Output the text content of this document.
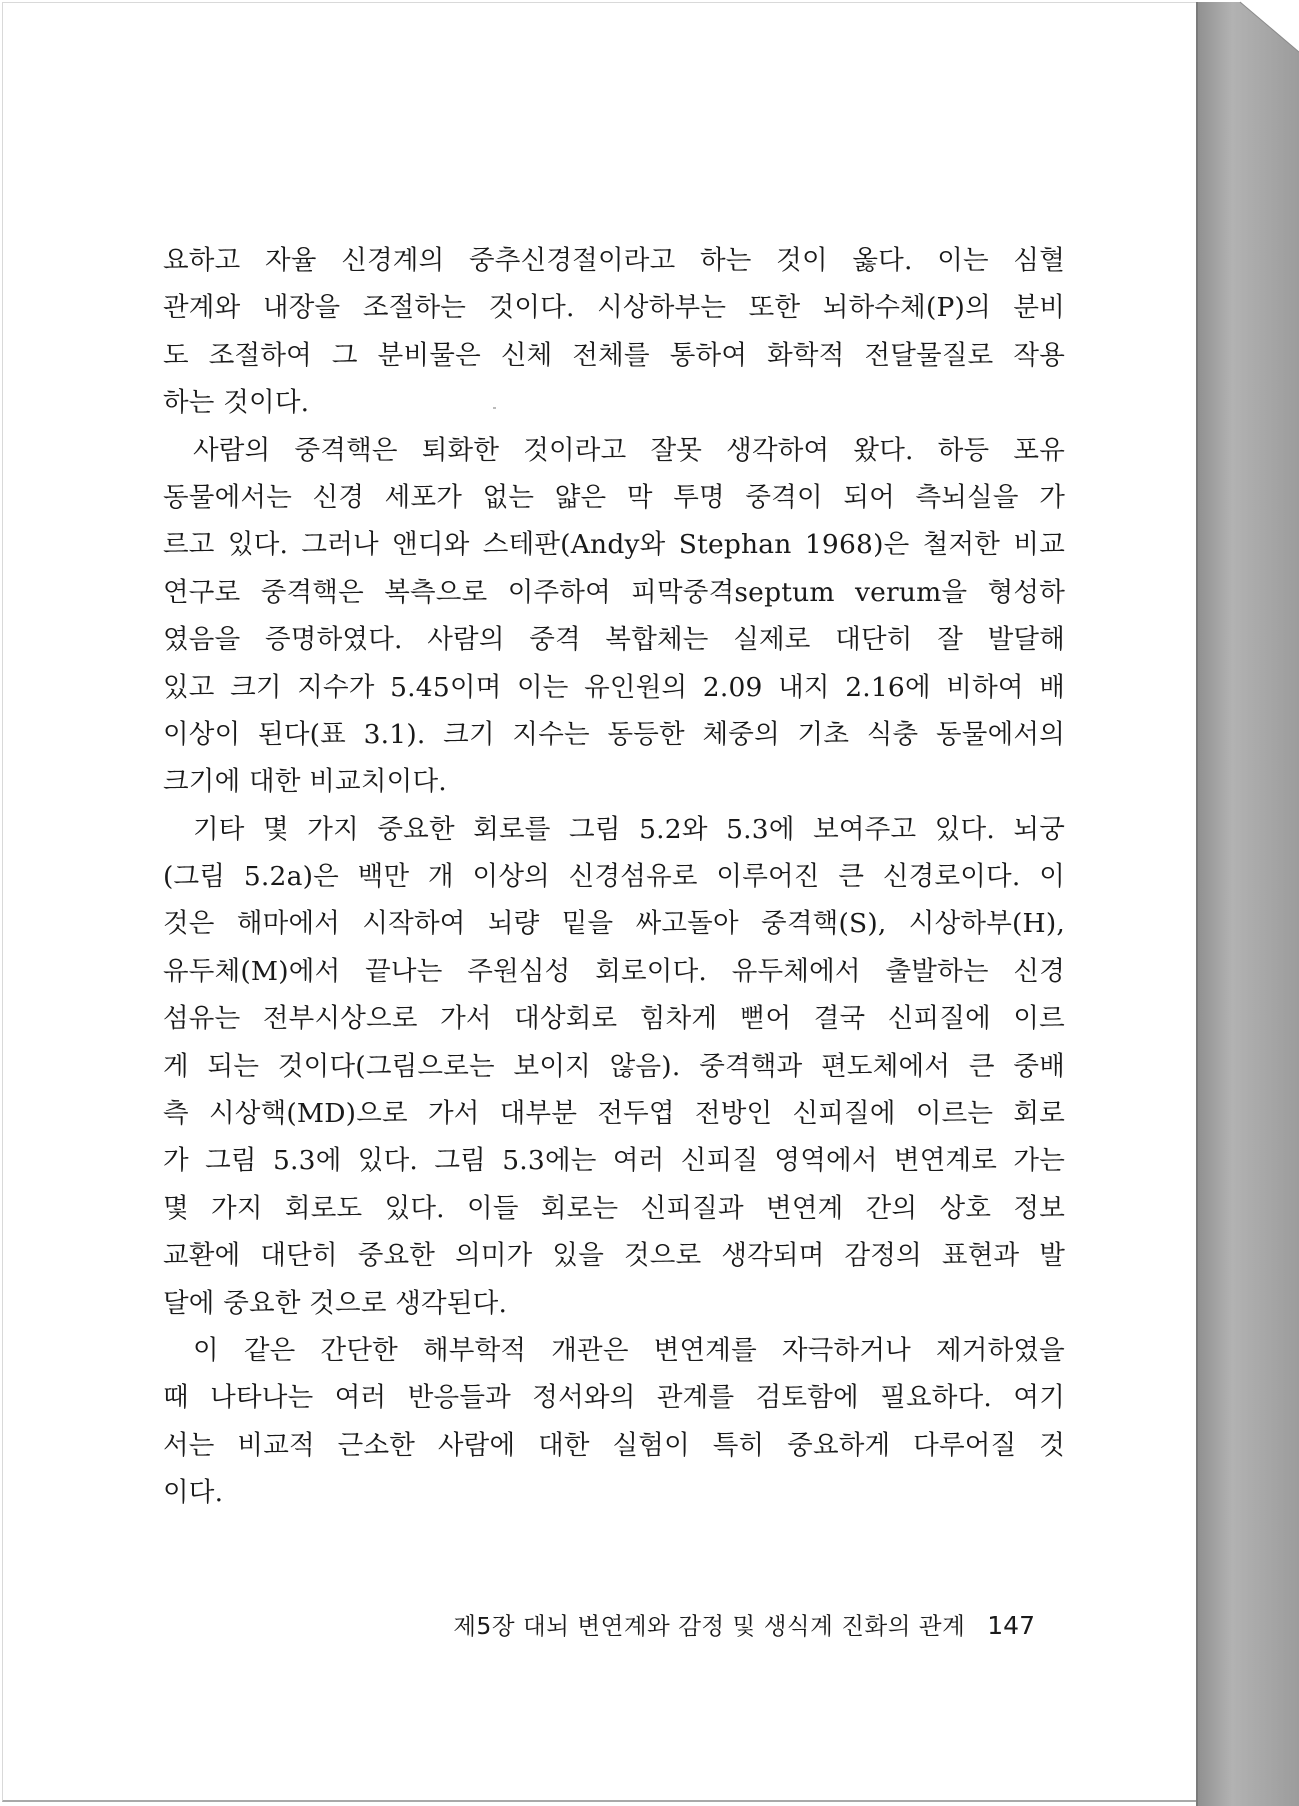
요하고 자율 신경계의 중추신경절이라고 하는 것이 옳다. 이는 심혈
관계와 내장을 조절하는 것이다. 시상하부는 또한 뇌하수체(P)의 분비
도 조절하여 그 분비물은 신체 전체를 통하여 화학적 전달물질로 작용
하는 것이다.
사람의 중격핵은 퇴화한 것이라고 잘못 생각하여 왔다. 하등 포유
동물에서는 신경 세포가 없는 얇은 막 투명 중격이 되어 측뇌실을 가
르고 있다. 그러나 앤디와 스테판(Andy와 Stephan 1968)은 철저한 비교
연구로 중격핵은 복측으로 이주하여 피막중격septum verum을 형성하
였음을 증명하였다. 사람의 중격 복합체는 실제로 대단히 잘 발달해
있고 크기 지수가 5.45이며 이는 유인원의 2.09 내지 2.16에 비하여 배
이상이 된다(표 3.1). 크기 지수는 동등한 체중의 기초 식충 동물에서의
크기에 대한 비교치이다.
기타 몇 가지 중요한 회로를 그림 5.2와 5.3에 보여주고 있다. 뇌궁
(그림 5.2a)은 백만 개 이상의 신경섬유로 이루어진 큰 신경로이다. 이
것은 해마에서 시작하여 뇌량 밑을 싸고돌아 중격핵(S), 시상하부(H),
유두체(M)에서 끝나는 주원심성 회로이다. 유두체에서 출발하는 신경
섬유는 전부시상으로 가서 대상회로 힘차게 뻗어 결국 신피질에 이르
게 되는 것이다(그림으로는 보이지 않음). 중격핵과 편도체에서 큰 중배
측 시상핵(MD)으로 가서 대부분 전두엽 전방인 신피질에 이르는 회로
가 그림 5.3에 있다. 그림 5.3에는 여러 신피질 영역에서 변연계로 가는
몇 가지 회로도 있다. 이들 회로는 신피질과 변연계 간의 상호 정보
교환에 대단히 중요한 의미가 있을 것으로 생각되며 감정의 표현과 발
달에 중요한 것으로 생각된다.
이 같은 간단한 해부학적 개관은 변연계를 자극하거나 제거하였을
때 나타나는 여러 반응들과 정서와의 관계를 검토함에 필요하다. 여기
서는 비교적 근소한 사람에 대한 실험이 특히 중요하게 다루어질 것
이다.
제5장 대뇌 변연계와 감정 및 생식계 진화의 관계 147
